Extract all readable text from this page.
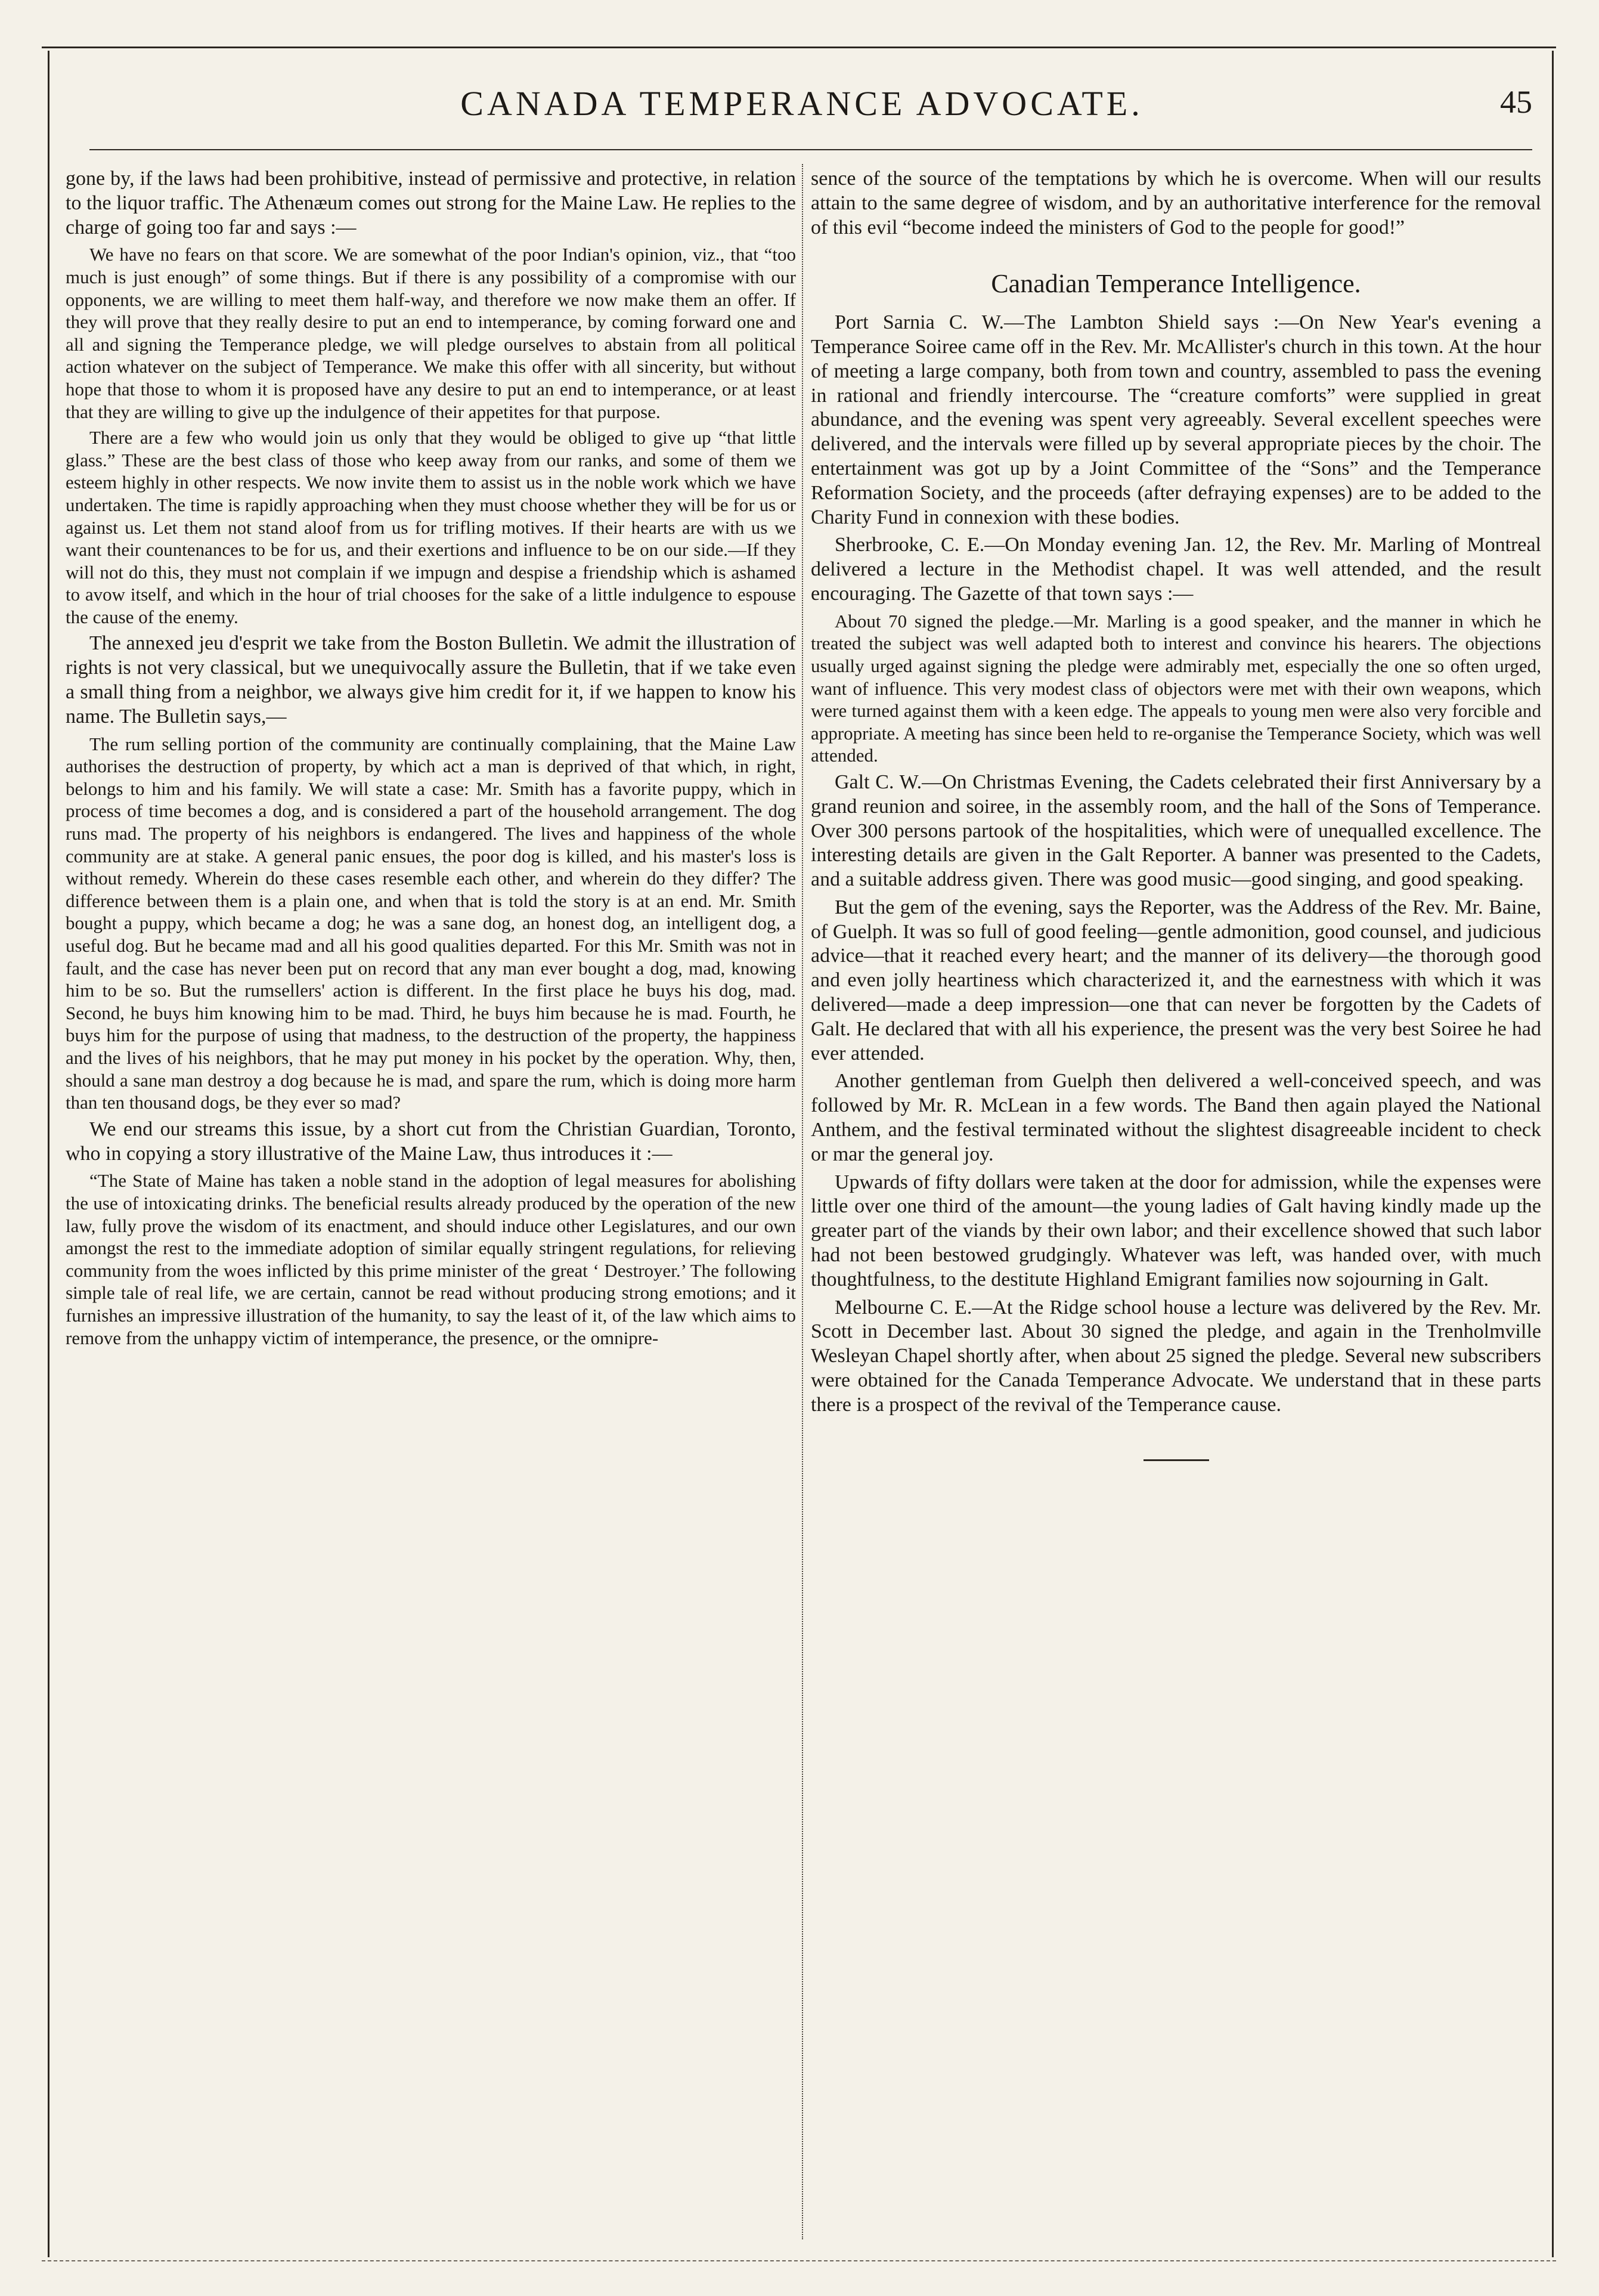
CANADA TEMPERANCE ADVOCATE.	45

gone by, if the laws had been prohibitive, instead of permissive and protective, in relation to the liquor traffic. The Athenæum comes out strong for the Maine Law. He replies to the charge of going too far and says :—

We have no fears on that score. We are somewhat of the poor Indian's opinion, viz., that “too much is just enough” of some things. But if there is any possibility of a compromise with our opponents, we are willing to meet them half-way, and therefore we now make them an offer. If they will prove that they really desire to put an end to intemperance, by coming forward one and all and signing the Temperance pledge, we will pledge ourselves to abstain from all political action whatever on the subject of Temperance. We make this offer with all sincerity, but without hope that those to whom it is proposed have any desire to put an end to intemperance, or at least that they are willing to give up the indulgence of their appetites for that purpose.

There are a few who would join us only that they would be obliged to give up “that little glass.” These are the best class of those who keep away from our ranks, and some of them we esteem highly in other respects. We now invite them to assist us in the noble work which we have undertaken. The time is rapidly approaching when they must choose whether they will be for us or against us. Let them not stand aloof from us for trifling motives. If their hearts are with us we want their countenances to be for us, and their exertions and influence to be on our side.—If they will not do this, they must not complain if we impugn and despise a friendship which is ashamed to avow itself, and which in the hour of trial chooses for the sake of a little indulgence to espouse the cause of the enemy.

The annexed jeu d'esprit we take from the Boston Bulletin. We admit the illustration of rights is not very classical, but we unequivocally assure the Bulletin, that if we take even a small thing from a neighbor, we always give him credit for it, if we happen to know his name. The Bulletin says,—

The rum selling portion of the community are continually complaining, that the Maine Law authorises the destruction of property, by which act a man is deprived of that which, in right, belongs to him and his family. We will state a case: Mr. Smith has a favorite puppy, which in process of time becomes a dog, and is considered a part of the household arrangement. The dog runs mad. The property of his neighbors is endangered. The lives and happiness of the whole community are at stake. A general panic ensues, the poor dog is killed, and his master's loss is without remedy. Wherein do these cases resemble each other, and wherein do they differ? The difference between them is a plain one, and when that is told the story is at an end. Mr. Smith bought a puppy, which became a dog; he was a sane dog, an honest dog, an intelligent dog, a useful dog. But he became mad and all his good qualities departed. For this Mr. Smith was not in fault, and the case has never been put on record that any man ever bought a dog, mad, knowing him to be so. But the rumsellers' action is different. In the first place he buys his dog, mad. Second, he buys him knowing him to be mad. Third, he buys him because he is mad. Fourth, he buys him for the purpose of using that madness, to the destruction of the property, the happiness and the lives of his neighbors, that he may put money in his pocket by the operation. Why, then, should a sane man destroy a dog because he is mad, and spare the rum, which is doing more harm than ten thousand dogs, be they ever so mad?

We end our streams this issue, by a short cut from the Christian Guardian, Toronto, who in copying a story illustrative of the Maine Law, thus introduces it :—

“The State of Maine has taken a noble stand in the adoption of legal measures for abolishing the use of intoxicating drinks. The beneficial results already produced by the operation of the new law, fully prove the wisdom of its enactment, and should induce other Legislatures, and our own amongst the rest to the immediate adoption of similar equally stringent regulations, for relieving community from the woes inflicted by this prime minister of the great ‘ Destroyer.’ The following simple tale of real life, we are certain, cannot be read without producing strong emotions; and it furnishes an impressive illustration of the humanity, to say the least of it, of the law which aims to remove from the unhappy victim of intemperance, the presence, or the omnipre-

sence of the source of the temptations by which he is overcome. When will our results attain to the same degree of wisdom, and by an authoritative interference for the removal of this evil “become indeed the ministers of God to the people for good!”

Canadian Temperance Intelligence.

Port Sarnia C. W.—The Lambton Shield says :—On New Year's evening a Temperance Soiree came off in the Rev. Mr. McAllister's church in this town. At the hour of meeting a large company, both from town and country, assembled to pass the evening in rational and friendly intercourse. The “creature comforts” were supplied in great abundance, and the evening was spent very agreeably. Several excellent speeches were delivered, and the intervals were filled up by several appropriate pieces by the choir. The entertainment was got up by a Joint Committee of the “Sons” and the Temperance Reformation Society, and the proceeds (after defraying expenses) are to be added to the Charity Fund in connexion with these bodies.

Sherbrooke, C. E.—On Monday evening Jan. 12, the Rev. Mr. Marling of Montreal delivered a lecture in the Methodist chapel. It was well attended, and the result encouraging. The Gazette of that town says :—

About 70 signed the pledge.—Mr. Marling is a good speaker, and the manner in which he treated the subject was well adapted both to interest and convince his hearers. The objections usually urged against signing the pledge were admirably met, especially the one so often urged, want of influence. This very modest class of objectors were met with their own weapons, which were turned against them with a keen edge. The appeals to young men were also very forcible and appropriate. A meeting has since been held to re-organise the Temperance Society, which was well attended.

Galt C. W.—On Christmas Evening, the Cadets celebrated their first Anniversary by a grand reunion and soiree, in the assembly room, and the hall of the Sons of Temperance. Over 300 persons partook of the hospitalities, which were of unequalled excellence. The interesting details are given in the Galt Reporter. A banner was presented to the Cadets, and a suitable address given. There was good music—good singing, and good speaking.

But the gem of the evening, says the Reporter, was the Address of the Rev. Mr. Baine, of Guelph. It was so full of good feeling—gentle admonition, good counsel, and judicious advice—that it reached every heart; and the manner of its delivery—the thorough good and even jolly heartiness which characterized it, and the earnestness with which it was delivered—made a deep impression—one that can never be forgotten by the Cadets of Galt. He declared that with all his experience, the present was the very best Soiree he had ever attended.

Another gentleman from Guelph then delivered a well-conceived speech, and was followed by Mr. R. McLean in a few words. The Band then again played the National Anthem, and the festival terminated without the slightest disagreeable incident to check or mar the general joy.

Upwards of fifty dollars were taken at the door for admission, while the expenses were little over one third of the amount—the young ladies of Galt having kindly made up the greater part of the viands by their own labor; and their excellence showed that such labor had not been bestowed grudgingly. Whatever was left, was handed over, with much thoughtfulness, to the destitute Highland Emigrant families now sojourning in Galt.

Melbourne C. E.—At the Ridge school house a lecture was delivered by the Rev. Mr. Scott in December last. About 30 signed the pledge, and again in the Trenholmville Wesleyan Chapel shortly after, when about 25 signed the pledge. Several new subscribers were obtained for the Canada Temperance Advocate. We understand that in these parts there is a prospect of the revival of the Temperance cause.
